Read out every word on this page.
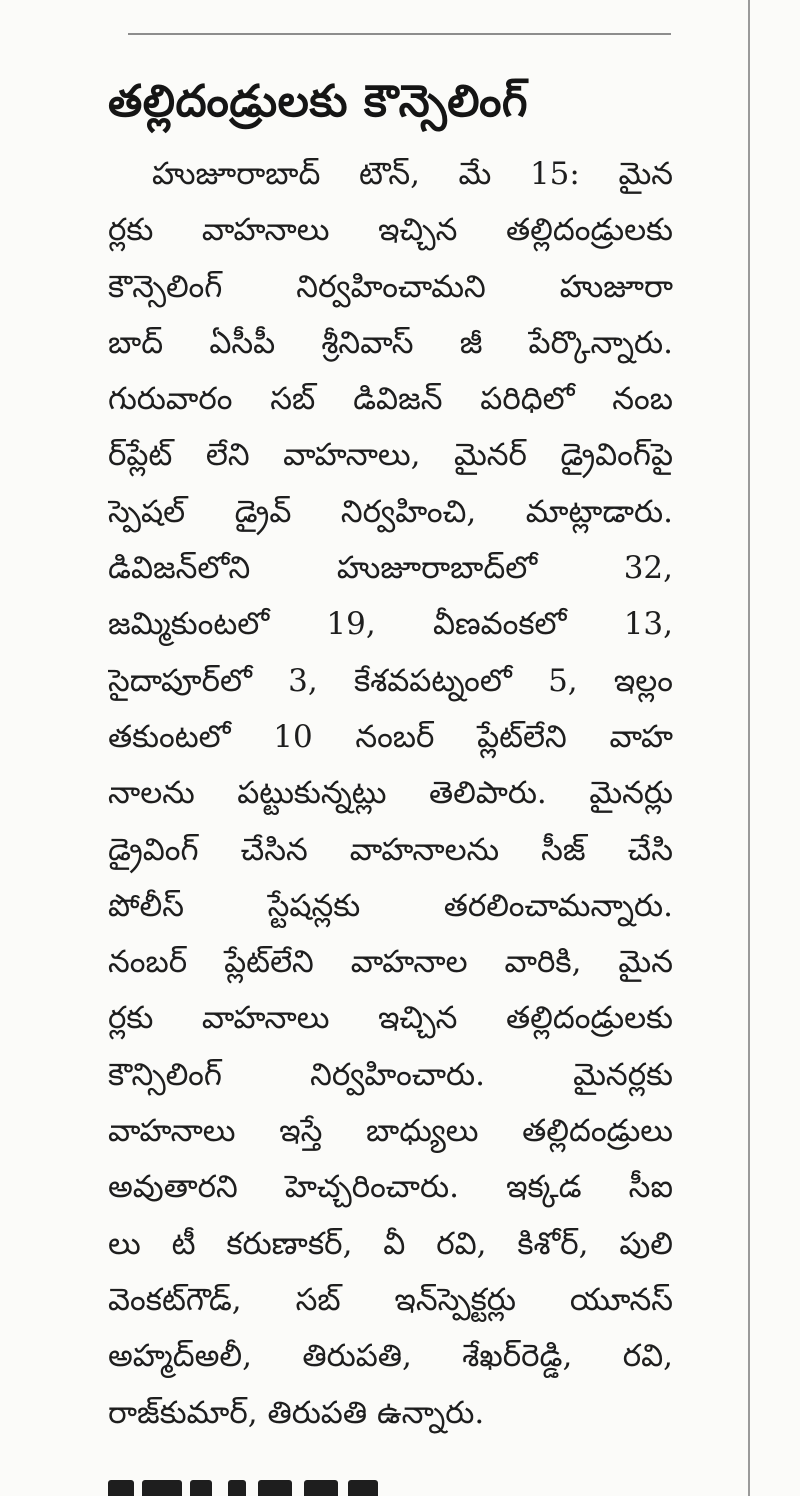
తల్లిదండ్రులకు కౌన్సెలింగ్
హుజూరాబాద్ టౌన్, మే 15: మైన
ర్లకు వాహనాలు ఇచ్చిన తల్లిదండ్రులకు
కౌన్సెలింగ్ నిర్వహించామని హుజూరా
బాద్ ఏసీపీ శ్రీనివాస్ జీ పేర్కొన్నారు.
గురువారం సబ్ డివిజన్ పరిధిలో నంబ
ర్‌ప్లేట్ లేని వాహనాలు, మైనర్ డ్రైవింగ్‌పై
స్పెషల్ డ్రైవ్ నిర్వహించి, మాట్లాడారు.
డివిజన్‌లోని హుజూరాబాద్‌లో 32,
జమ్మికుంటలో 19, వీణవంకలో 13,
సైదాపూర్‌లో 3, కేశవపట్నంలో 5, ఇల్లం
తకుంటలో 10 నంబర్ ప్లేట్‌లేని వాహ
నాలను పట్టుకున్నట్లు తెలిపారు. మైనర్లు
డ్రైవింగ్ చేసిన వాహనాలను సీజ్ చేసి
పోలీస్ స్టేషన్లకు తరలించామన్నారు.
నంబర్ ప్లేట్‌లేని వాహనాల వారికి, మైన
ర్లకు వాహనాలు ఇచ్చిన తల్లిదండ్రులకు
కౌన్సిలింగ్ నిర్వహించారు. మైనర్లకు
వాహనాలు ఇస్తే బాధ్యులు తల్లిదండ్రులు
అవుతారని హెచ్చరించారు. ఇక్కడ సీఐ
లు టీ కరుణాకర్, వీ రవి, కిశోర్, పులి
వెంకట్‌గౌడ్, సబ్ ఇన్‌స్పెక్టర్లు యూనస్
అహ్మద్‌అలీ, తిరుపతి, శేఖర్‌రెడ్డి, రవి,
రాజ్‌కుమార్, తిరుపతి ఉన్నారు.
